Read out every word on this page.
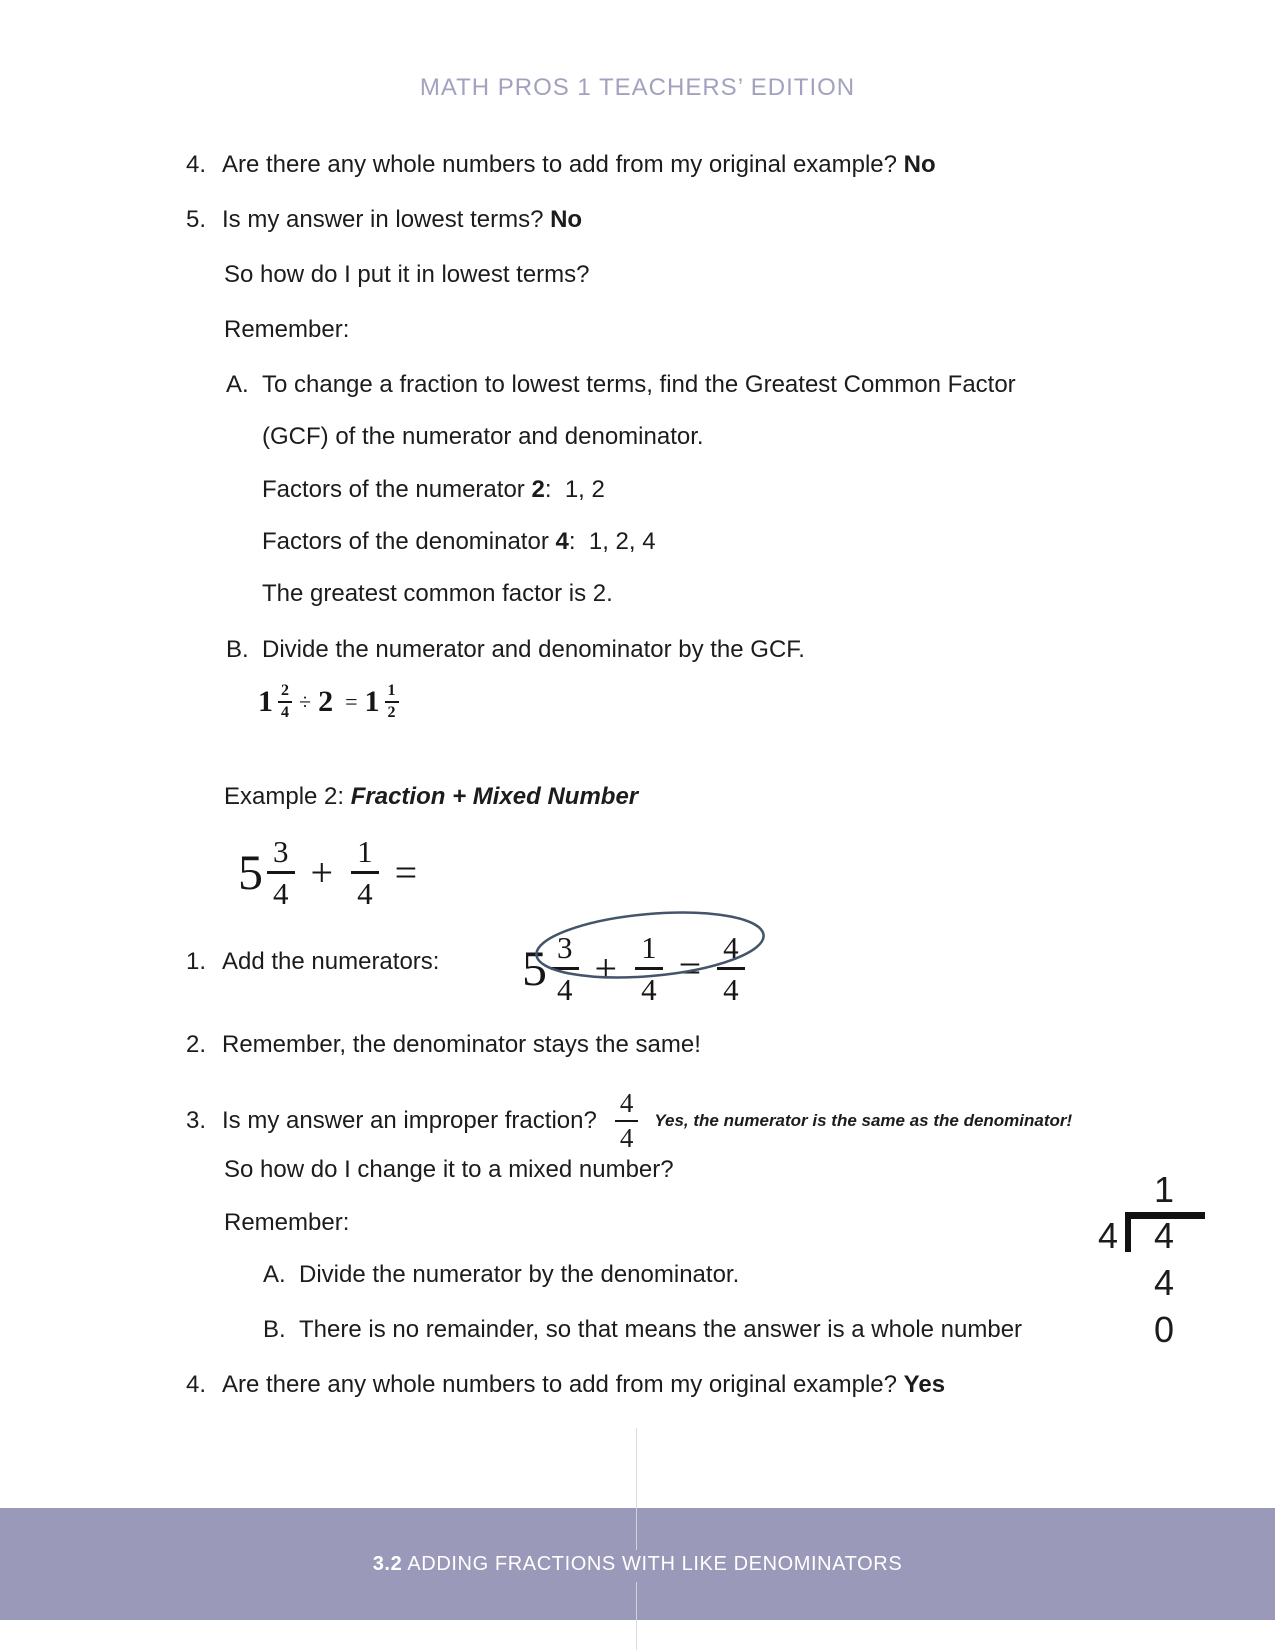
MATH PROS 1 TEACHERS’ EDITION
4. Are there any whole numbers to add from my original example? No
5. Is my answer in lowest terms? No
So how do I put it in lowest terms?
Remember:
A. To change a fraction to lowest terms, find the Greatest Common Factor
(GCF) of the numerator and denominator.
Factors of the numerator 2 :  1, 2
Factors of the denominator 4 :  1, 2, 4
The greatest common factor is 2.
B. Divide the numerator and denominator by the GCF.
$1 \frac{2}{4} \div 2 = 1 \frac{1}{2}$
Example 2: Fraction + Mixed Number
$5 \frac{3}{4} + \frac{1}{4}$ =
1. Add the numerators: $5 \frac{3}{4} + \frac{1}{4} = \frac{4}{4}$
2. Remember, the denominator stays the same!
3. Is my answer an improper fraction? $\frac{4}{4}$ Yes, the numerator is the same as the denominator!
So how do I change it to a mixed number?
Remember:
A. Divide the numerator by the denominator.
B. There is no remainder, so that means the answer is a whole number
4. Are there any whole numbers to add from my original example? Yes
1
4 4
4
0
3.2 ADDING FRACTIONS WITH LIKE DENOMINATORS
